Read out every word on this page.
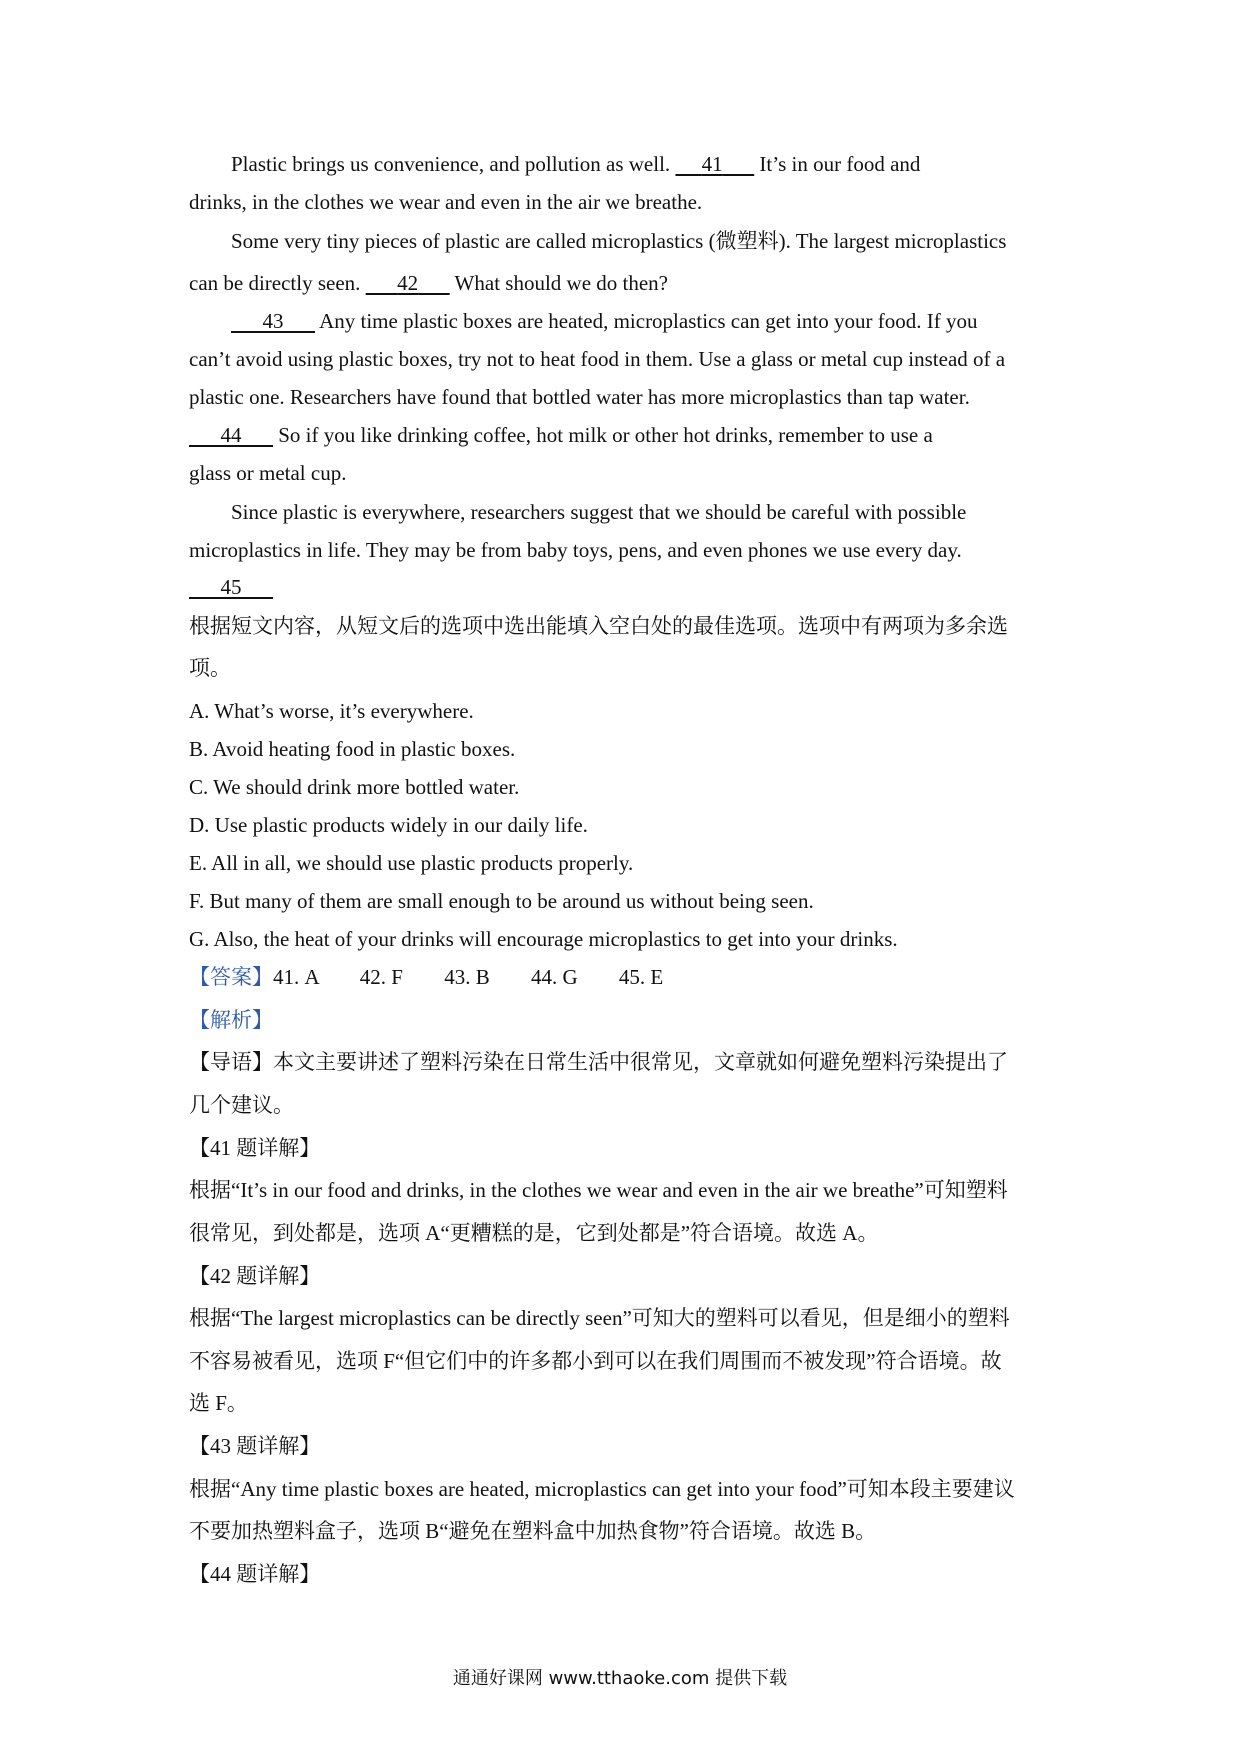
Plastic brings us convenience, and pollution as well. 41 It’s in our food and
drinks, in the clothes we wear and even in the air we breathe.
Some very tiny pieces of plastic are called microplastics (微塑料). The largest microplastics
can be directly seen. 42 What should we do then?
43 Any time plastic boxes are heated, microplastics can get into your food. If you
can’t avoid using plastic boxes, try not to heat food in them. Use a glass or metal cup instead of a
plastic one. Researchers have found that bottled water has more microplastics than tap water.
44 So if you like drinking coffee, hot milk or other hot drinks, remember to use a
glass or metal cup.
Since plastic is everywhere, researchers suggest that we should be careful with possible
microplastics in life. They may be from baby toys, pens, and even phones we use every day.
45
根据短文内容，从短文后的选项中选出能填入空白处的最佳选项。选项中有两项为多余选
项。
A. What’s worse, it’s everywhere.
B. Avoid heating food in plastic boxes.
C. We should drink more bottled water.
D. Use plastic products widely in our daily life.
E. All in all, we should use plastic products properly.
F. But many of them are small enough to be around us without being seen.
G. Also, the heat of your drinks will encourage microplastics to get into your drinks.
【答案】41. A 42. F 43. B 44. G 45. E
【解析】
【导语】本文主要讲述了塑料污染在日常生活中很常见，文章就如何避免塑料污染提出了
几个建议。
【41 题详解】
根据“It’s in our food and drinks, in the clothes we wear and even in the air we breathe”可知塑料
很常见，到处都是，选项 A“更糟糕的是，它到处都是”符合语境。故选 A。
【42 题详解】
根据“The largest microplastics can be directly seen”可知大的塑料可以看见，但是细小的塑料
不容易被看见，选项 F“但它们中的许多都小到可以在我们周围而不被发现”符合语境。故
选 F。
【43 题详解】
根据“Any time plastic boxes are heated, microplastics can get into your food”可知本段主要建议
不要加热塑料盒子，选项 B“避免在塑料盒中加热食物”符合语境。故选 B。
【44 题详解】
通通好课网 www.tthaoke.com 提供下载
